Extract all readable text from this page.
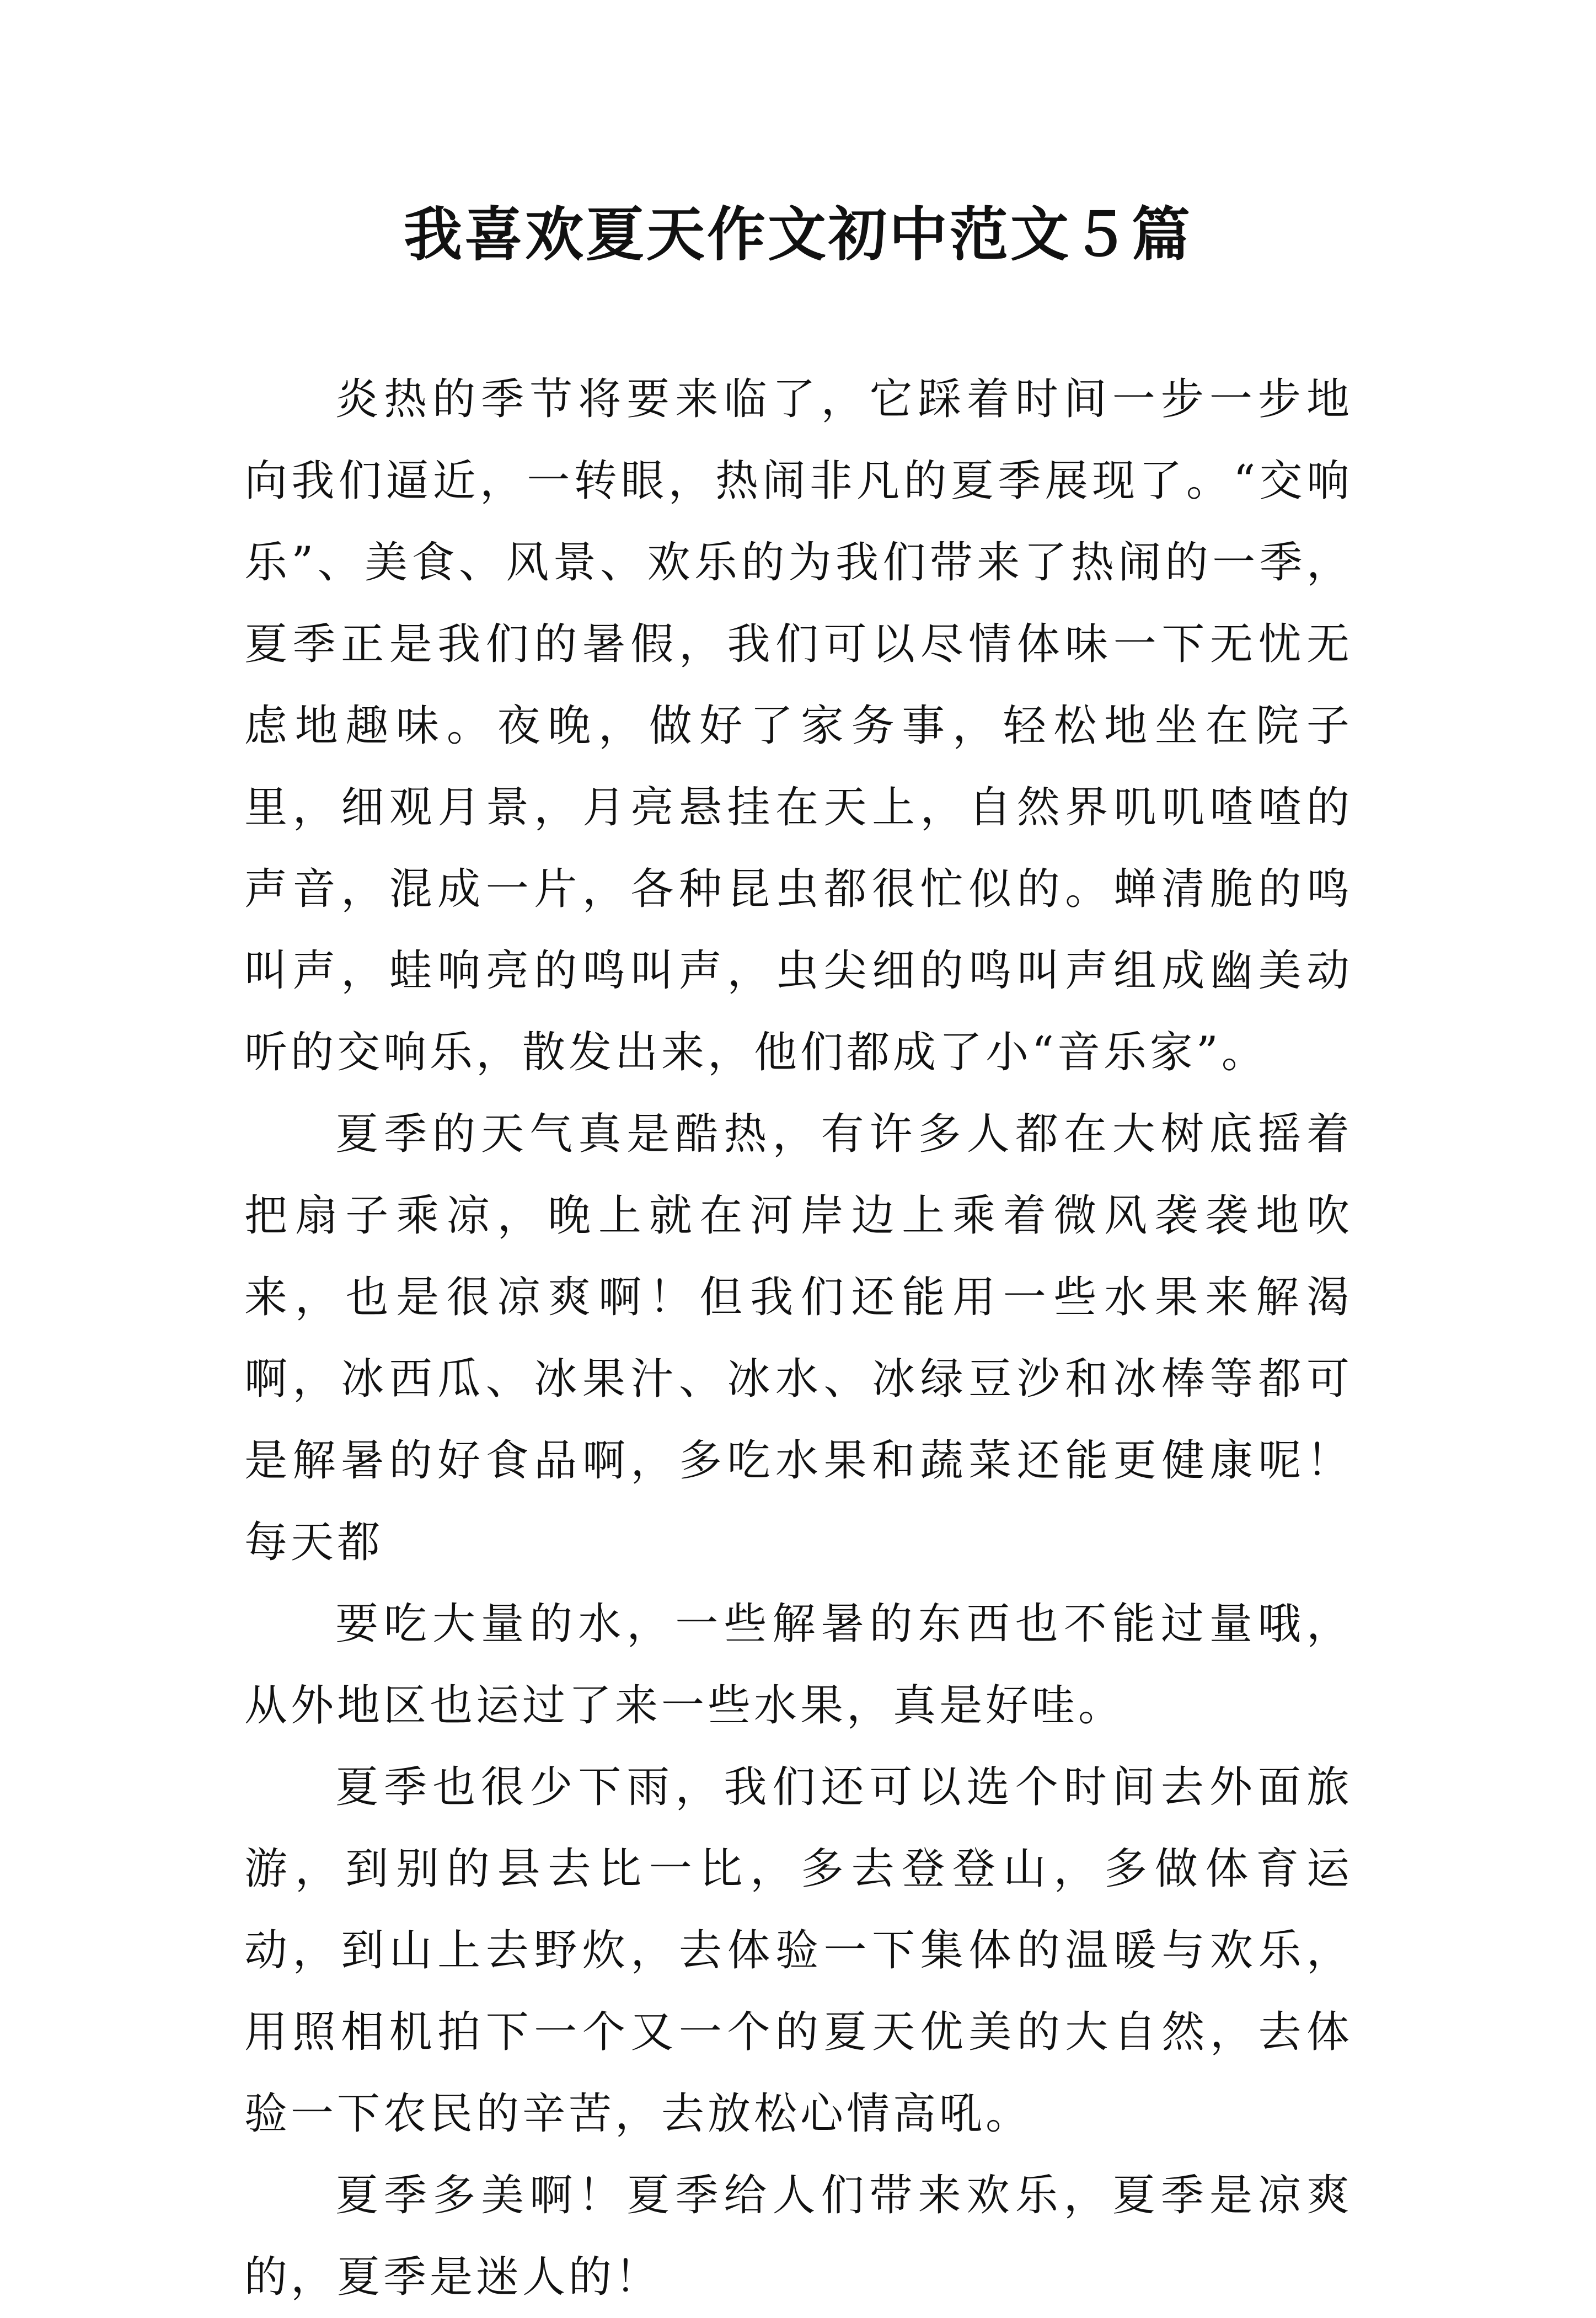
我喜欢夏天作文初中范文５篇

炎热的季节将要来临了，它踩着时间一步一步地向我们逼近，一转眼，热闹非凡的夏季展现了。“交响乐”、美食、风景、欢乐的为我们带来了热闹的一季，夏季正是我们的暑假，我们可以尽情体味一下无忧无虑地趣味。夜晚，做好了家务事，轻松地坐在院子里，细观月景，月亮悬挂在天上，自然界叽叽喳喳的声音，混成一片，各种昆虫都很忙似的。蝉清脆的鸣叫声，蛙响亮的鸣叫声，虫尖细的鸣叫声组成幽美动听的交响乐，散发出来，他们都成了小“音乐家”。

夏季的天气真是酷热，有许多人都在大树底摇着把扇子乘凉，晚上就在河岸边上乘着微风袭袭地吹来，也是很凉爽啊！但我们还能用一些水果来解渴啊，冰西瓜、冰果汁、冰水、冰绿豆沙和冰棒等都可是解暑的好食品啊，多吃水果和蔬菜还能更健康呢！每天都

要吃大量的水，一些解暑的东西也不能过量哦，从外地区也运过了来一些水果，真是好哇。

夏季也很少下雨，我们还可以选个时间去外面旅游，到别的县去比一比，多去登登山，多做体育运动，到山上去野炊，去体验一下集体的温暖与欢乐，用照相机拍下一个又一个的夏天优美的大自然，去体验一下农民的辛苦，去放松心情高吼。

夏季多美啊！夏季给人们带来欢乐，夏季是凉爽的，夏季是迷人的！
